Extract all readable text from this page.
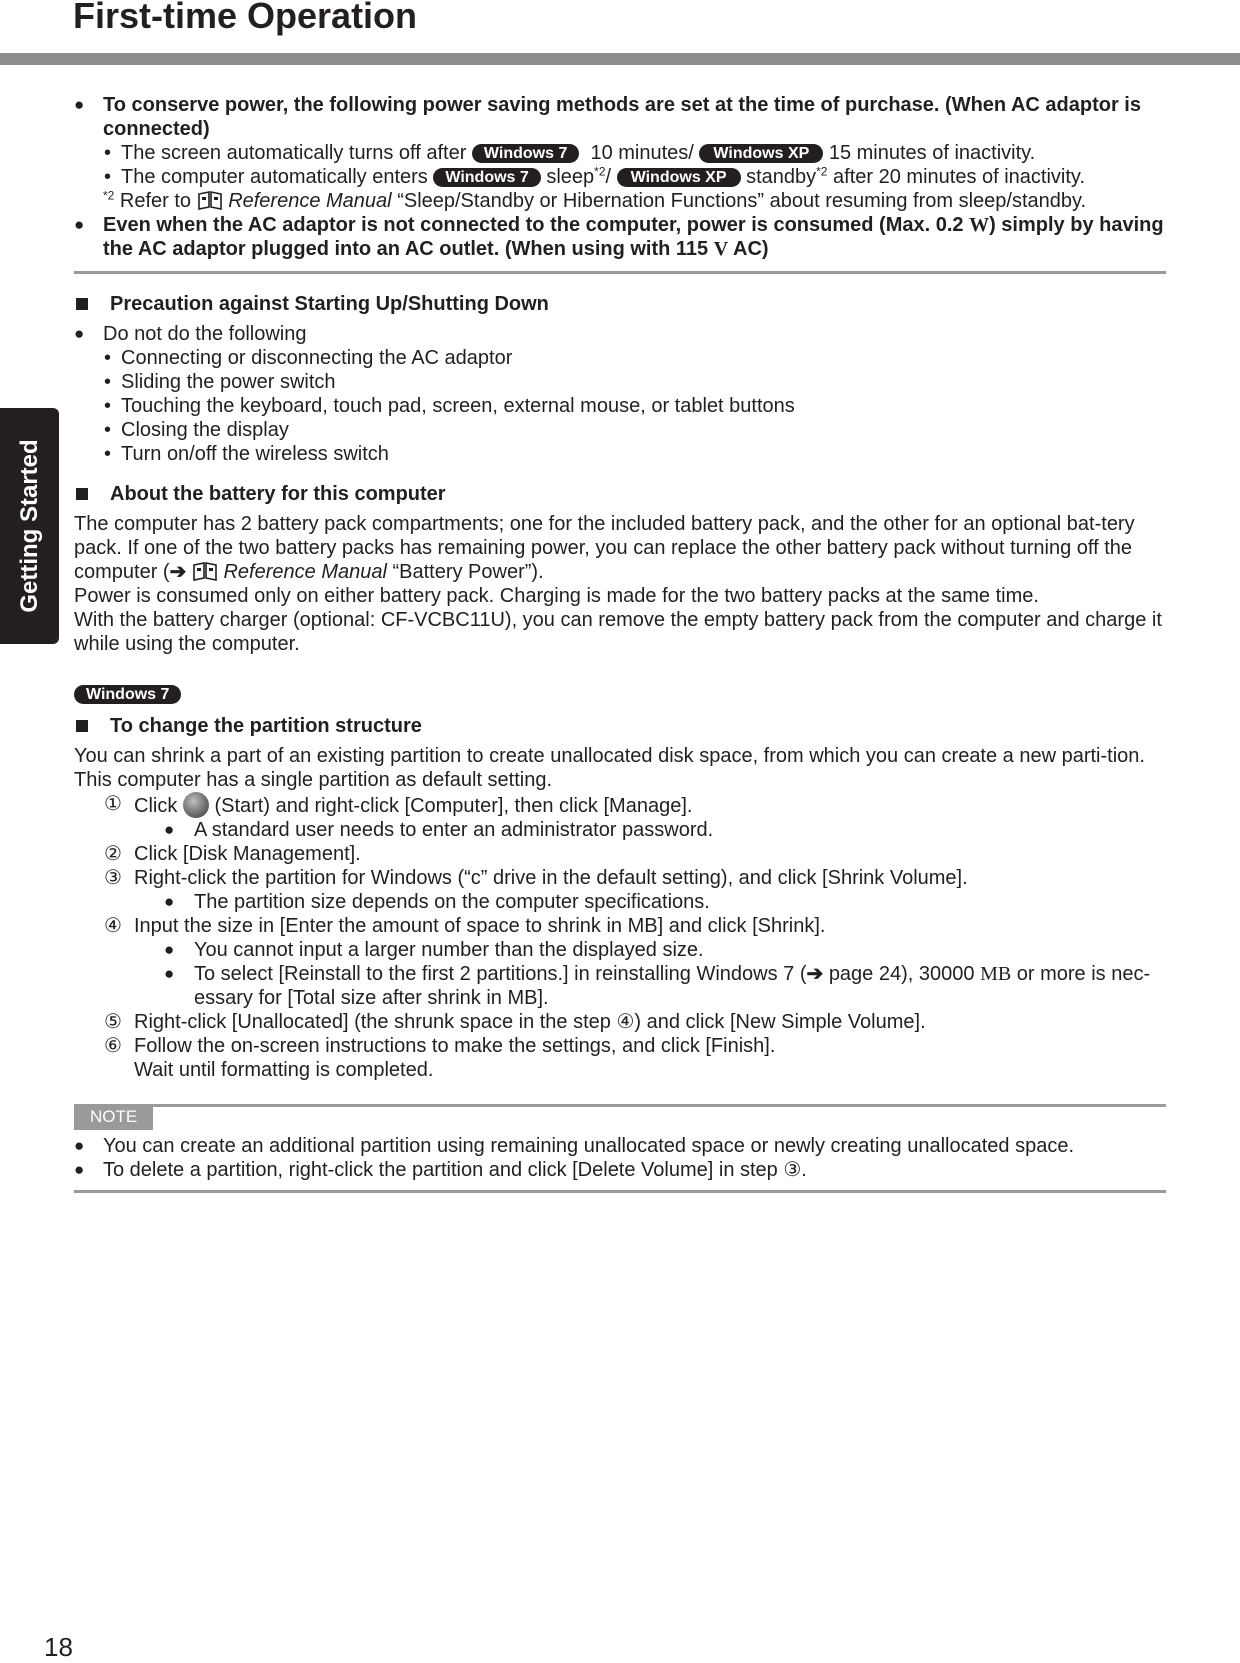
First-time Operation
Getting Started

● To conserve power, the following power saving methods are set at the time of purchase. (When AC adaptor is connected)

• The screen automatically turns off after Windows 7 10 minutes/ Windows XP 15 minutes of inactivity.

• The computer automatically enters Windows 7 sleep$^{*2}$/ Windows XP standby$^{*2}$ after 20 minutes of inactivity.

$^{*2}$ Refer to Reference Manual “Sleep/Standby or Hibernation Functions” about resuming from sleep/standby.

● Even when the AC adaptor is not connected to the computer, power is consumed (Max. 0.2 W) simply by having the AC adaptor plugged into an AC outlet. (When using with 115 V AC)

Precaution against Starting Up/Shutting Down

● Do not do the following

• Connecting or disconnecting the AC adaptor

• Sliding the power switch

• Touching the keyboard, touch pad, screen, external mouse, or tablet buttons

• Closing the display

• Turn on/off the wireless switch

About the battery for this computer

The computer has 2 battery pack compartments; one for the included battery pack, and the other for an optional bat-tery pack. If one of the two battery packs has remaining power, you can replace the other battery pack without turning off the computer (➔ Reference Manual “Battery Power”).

Power is consumed only on either battery pack. Charging is made for the two battery packs at the same time.

With the battery charger (optional: CF-VCBC11U), you can remove the empty battery pack from the computer and charge it while using the computer.

Windows 7

To change the partition structure

You can shrink a part of an existing partition to create unallocated disk space, from which you can create a new parti-tion. This computer has a single partition as default setting.

① Click (Start) and right-click [Computer], then click [Manage].

● A standard user needs to enter an administrator password.

② Click [Disk Management].

③ Right-click the partition for Windows (“c” drive in the default setting), and click [Shrink Volume].

● The partition size depends on the computer specifications.

④ Input the size in [Enter the amount of space to shrink in MB] and click [Shrink].

● You cannot input a larger number than the displayed size.

● To select [Reinstall to the first 2 partitions.] in reinstalling Windows 7 (➔ page 24), 30000 MB or more is nec-essary for [Total size after shrink in MB].

⑤ Right-click [Unallocated] (the shrunk space in the step ④) and click [New Simple Volume].

⑥ Follow the on-screen instructions to make the settings, and click [Finish].

Wait until formatting is completed.

NOTE

● You can create an additional partition using remaining unallocated space or newly creating unallocated space.

● To delete a partition, right-click the partition and click [Delete Volume] in step ③.

18
